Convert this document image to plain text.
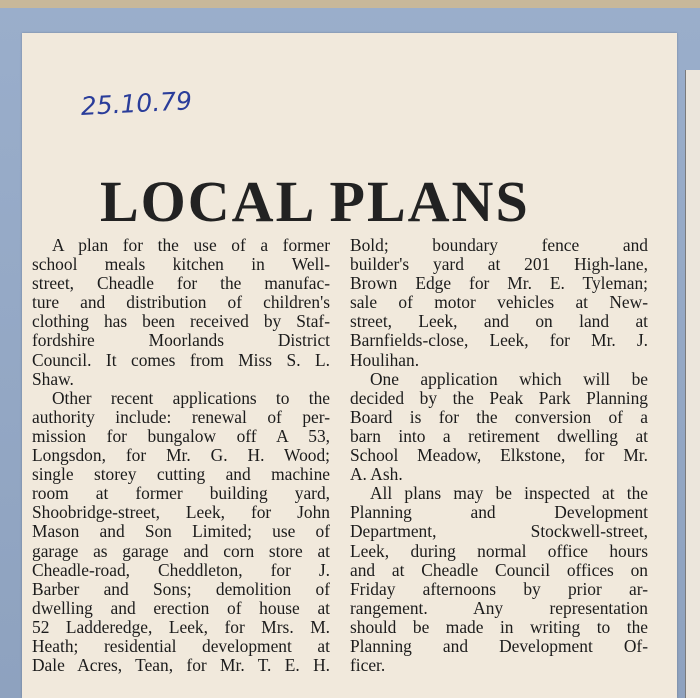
25.10.79
LOCAL PLANS
A plan for the use of a former
school meals kitchen in Well-
street, Cheadle for the manufac-
ture and distribution of children's
clothing has been received by Staf-
fordshire Moorlands District
Council. It comes from Miss S. L.
Shaw.
Other recent applications to the
authority include: renewal of per-
mission for bungalow off A 53,
Longsdon, for Mr. G. H. Wood;
single storey cutting and machine
room at former building yard,
Shoobridge-street, Leek, for John
Mason and Son Limited; use of
garage as garage and corn store at
Cheadle-road, Cheddleton, for J.
Barber and Sons; demolition of
dwelling and erection of house at
52 Ladderedge, Leek, for Mrs. M.
Heath; residential development at
Dale Acres, Tean, for Mr. T. E. H.
Bold; boundary fence and
builder's yard at 201 High-lane,
Brown Edge for Mr. E. Tyleman;
sale of motor vehicles at New-
street, Leek, and on land at
Barnfields-close, Leek, for Mr. J.
Houlihan.
One application which will be
decided by the Peak Park Planning
Board is for the conversion of a
barn into a retirement dwelling at
School Meadow, Elkstone, for Mr.
A. Ash.
All plans may be inspected at the
Planning and Development
Department, Stockwell-street,
Leek, during normal office hours
and at Cheadle Council offices on
Friday afternoons by prior ar-
rangement. Any representation
should be made in writing to the
Planning and Development Of-
ficer.
